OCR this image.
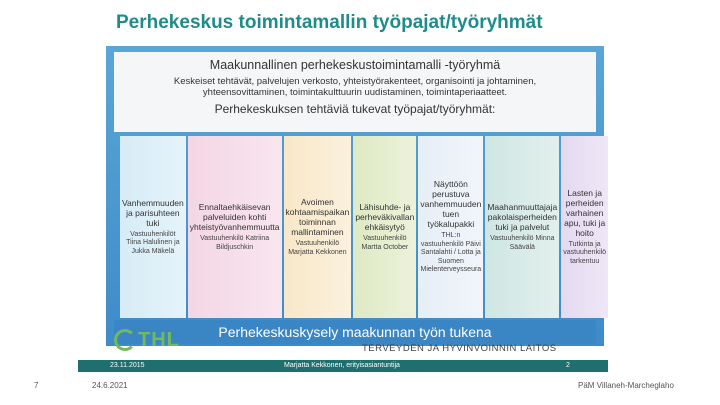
Perhekeskus toimintamallin työpajat/työryhmät
Maakunnallinen perhekeskustoimintamalli -työryhmä
Keskeiset tehtävät, palvelujen verkosto, yhteistyörakenteet, organisointi ja johtaminen, yhteensovittaminen, toimintakulttuurin uudistaminen, toimintaperiaatteet.
Perhekeskuksen tehtäviä tukevat työpajat/työryhmät:
Vanhemmuuden ja parisuhteen tuki
Vastuuhenkilöt Tiina Halulinen ja Jukka Mäkelä
Ennaltaehkäisevan palveluiden kohti yhteistyövanhemmuutta
Vastuuhenkilö Katriina Bildjuschkin
Avoimen kohtaamispaikan toiminnan mallintaminen
Vastuuhenkilö Marjatta Kekkonen
Lähisuhde- ja perheväkivallan ehkäisytyö
Vastuuhenkilö Martta October
Näyttöön perustuva vanhemmuuden tuen työkalupakki
THL:n vastuuhenkilö Päivi Santalahti / Lotta ja Suomen Mielenterveysseura
Maahanmuuttajaja pakolaisperheiden tuki ja palvelut
Vastuuhenkilö Minna Säävälä
Lasten ja perheiden varhainen apu, tuki ja hoito
Tutkinta ja vastuuhenkilö tarkentuu
Perhekeskuskysely maakunnan työn tukena
THL	TERVEYDEN JA HYVINVOINNIN LAITOS
23.11.2015	Marjatta Kekkonen, erityisasiantuntija	2
7	24.6.2021	PäM Villaneh-Marcheglaho
